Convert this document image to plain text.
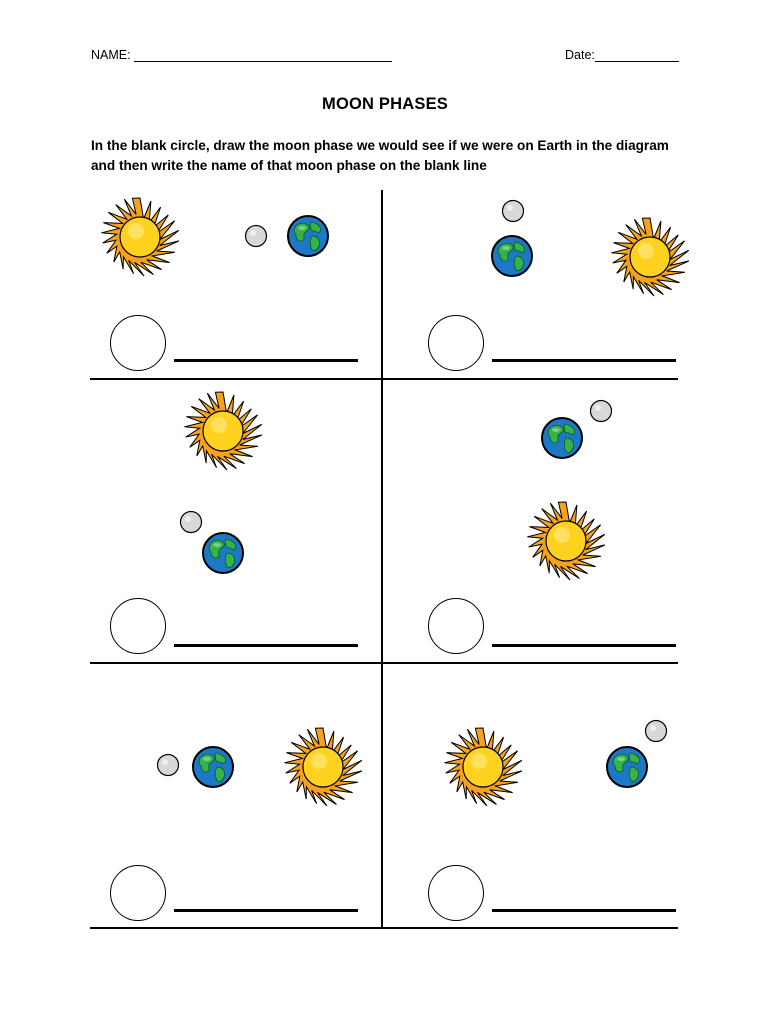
NAME:	Date:
MOON PHASES
In the blank circle, draw the moon phase we would see if we were on Earth in the diagram and then write the name of that moon phase on the blank line
